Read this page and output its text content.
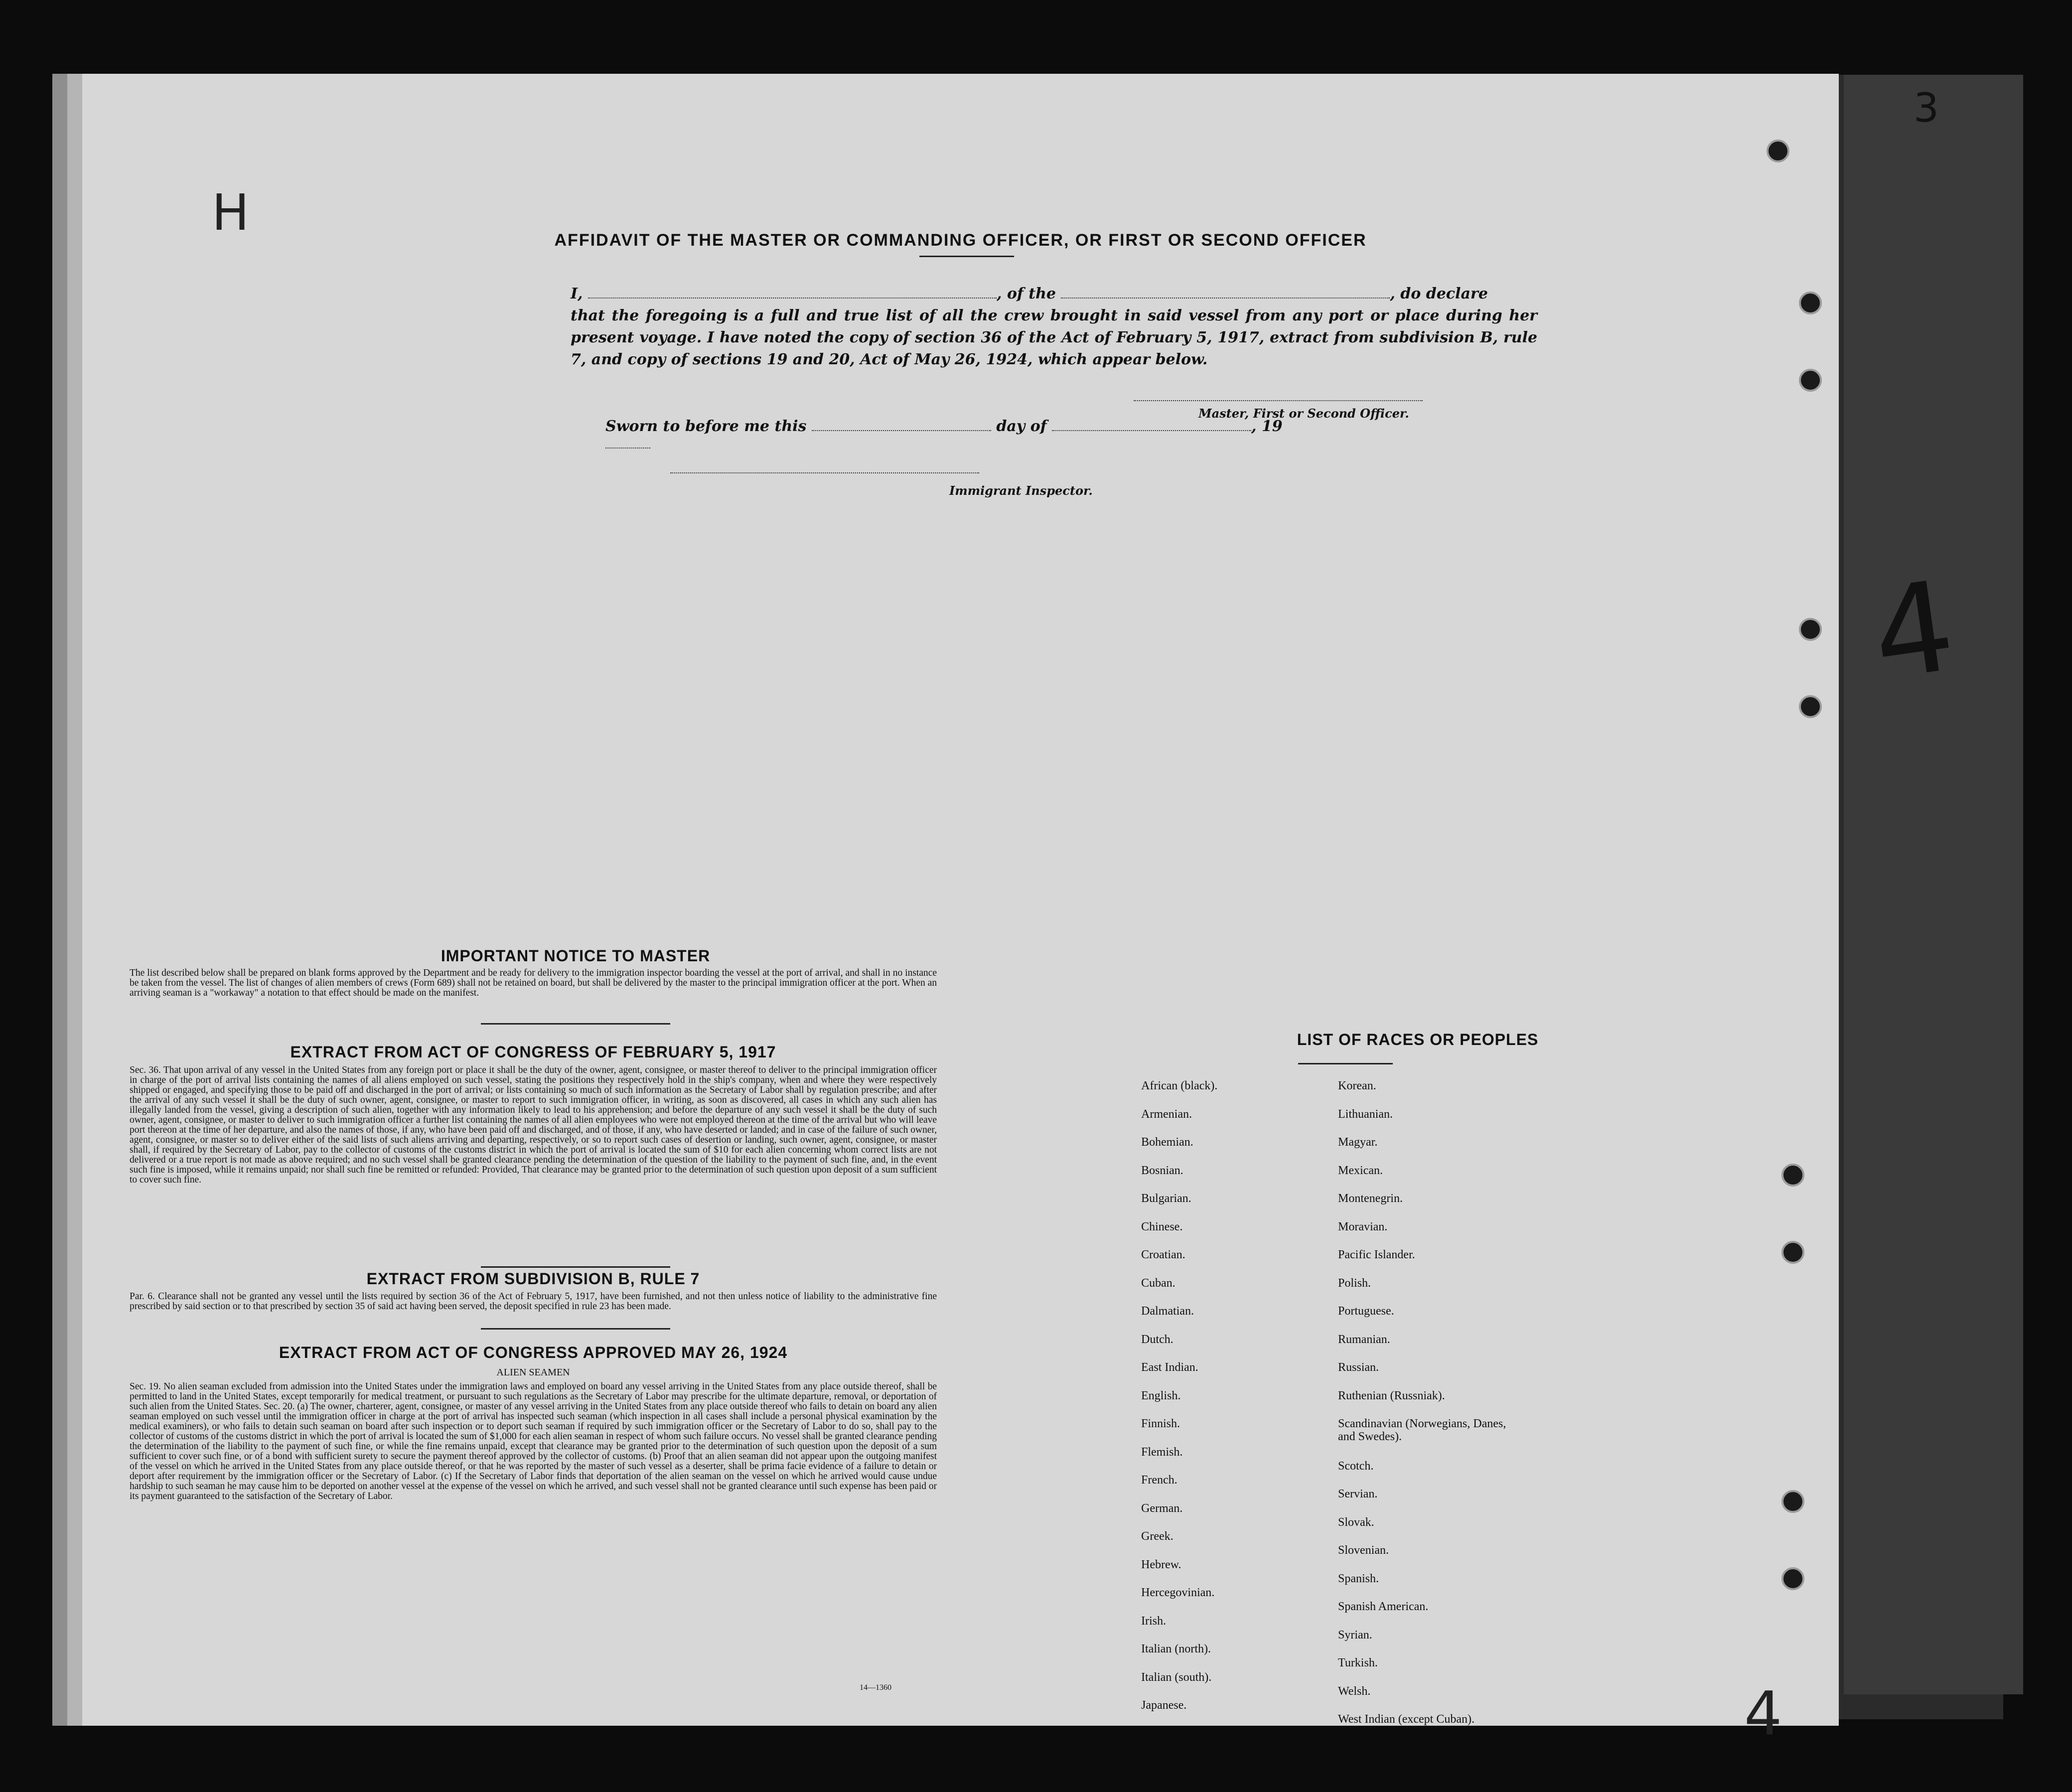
AFFIDAVIT OF THE MASTER OR COMMANDING OFFICER, OR FIRST OR SECOND OFFICER
I,	, of the	, do declare
that the foregoing is a full and true list of all the crew brought in said vessel from any port or place during her present voyage. I have noted the copy of section 36 of the Act of February 5, 1917, extract from subdivision B, rule 7, and copy of sections 19 and 20, Act of May 26, 1924, which appear below.
Master, First or Second Officer.
Sworn to before me this	day of	, 19
Immigrant Inspector.
IMPORTANT NOTICE TO MASTER
The list described below shall be prepared on blank forms approved by the Department and be ready for delivery to the immigration inspector boarding the vessel at the port of arrival, and shall in no instance be taken from the vessel. The list of changes of alien members of crews (Form 689) shall not be retained on board, but shall be delivered by the master to the principal immigration officer at the port. When an arriving seaman is a "workaway" a notation to that effect should be made on the manifest.
EXTRACT FROM ACT OF CONGRESS OF FEBRUARY 5, 1917
Sec. 36. That upon arrival of any vessel in the United States from any foreign port or place it shall be the duty of the owner, agent, consignee, or master thereof to deliver to the principal immigration officer in charge of the port of arrival lists containing the names of all aliens employed on such vessel, stating the positions they respectively hold in the ship's company, when and where they were respectively shipped or engaged, and specifying those to be paid off and discharged in the port of arrival; or lists containing so much of such information as the Secretary of Labor shall by regulation prescribe; and after the arrival of any such vessel it shall be the duty of such owner, agent, consignee, or master to report to such immigration officer, in writing, as soon as discovered, all cases in which any such alien has illegally landed from the vessel, giving a description of such alien, together with any information likely to lead to his apprehension; and before the departure of any such vessel it shall be the duty of such owner, agent, consignee, or master to deliver to such immigration officer a further list containing the names of all alien employees who were not employed thereon at the time of the arrival but who will leave port thereon at the time of her departure, and also the names of those, if any, who have been paid off and discharged, and of those, if any, who have deserted or landed; and in case of the failure of such owner, agent, consignee, or master so to deliver either of the said lists of such aliens arriving and departing, respectively, or so to report such cases of desertion or landing, such owner, agent, consignee, or master shall, if required by the Secretary of Labor, pay to the collector of customs of the customs district in which the port of arrival is located the sum of $10 for each alien concerning whom correct lists are not delivered or a true report is not made as above required; and no such vessel shall be granted clearance pending the determination of the question of the liability to the payment of such fine, and, in the event such fine is imposed, while it remains unpaid; nor shall such fine be remitted or refunded: Provided, That clearance may be granted prior to the determination of such question upon deposit of a sum sufficient to cover such fine.
EXTRACT FROM SUBDIVISION B, RULE 7
Par. 6. Clearance shall not be granted any vessel until the lists required by section 36 of the Act of February 5, 1917, have been furnished, and not then unless notice of liability to the administrative fine prescribed by said section or to that prescribed by section 35 of said act having been served, the deposit specified in rule 23 has been made.
EXTRACT FROM ACT OF CONGRESS APPROVED MAY 26, 1924
ALIEN SEAMEN
Sec. 19. No alien seaman excluded from admission into the United States under the immigration laws and employed on board any vessel arriving in the United States from any place outside thereof, shall be permitted to land in the United States, except temporarily for medical treatment, or pursuant to such regulations as the Secretary of Labor may prescribe for the ultimate departure, removal, or deportation of such alien from the United States. Sec. 20. (a) The owner, charterer, agent, consignee, or master of any vessel arriving in the United States from any place outside thereof who fails to detain on board any alien seaman employed on such vessel until the immigration officer in charge at the port of arrival has inspected such seaman (which inspection in all cases shall include a personal physical examination by the medical examiners), or who fails to detain such seaman on board after such inspection or to deport such seaman if required by such immigration officer or the Secretary of Labor to do so, shall pay to the collector of customs of the customs district in which the port of arrival is located the sum of $1,000 for each alien seaman in respect of whom such failure occurs. No vessel shall be granted clearance pending the determination of the liability to the payment of such fine, or while the fine remains unpaid, except that clearance may be granted prior to the determination of such question upon the deposit of a sum sufficient to cover such fine, or of a bond with sufficient surety to secure the payment thereof approved by the collector of customs. (b) Proof that an alien seaman did not appear upon the outgoing manifest of the vessel on which he arrived in the United States from any place outside thereof, or that he was reported by the master of such vessel as a deserter, shall be prima facie evidence of a failure to detain or deport after requirement by the immigration officer or the Secretary of Labor. (c) If the Secretary of Labor finds that deportation of the alien seaman on the vessel on which he arrived would cause undue hardship to such seaman he may cause him to be deported on another vessel at the expense of the vessel on which he arrived, and such vessel shall not be granted clearance until such expense has been paid or its payment guaranteed to the satisfaction of the Secretary of Labor.
14—1360
LIST OF RACES OR PEOPLES
African (black).
Armenian.
Bohemian.
Bosnian.
Bulgarian.
Chinese.
Croatian.
Cuban.
Dalmatian.
Dutch.
East Indian.
English.
Finnish.
Flemish.
French.
German.
Greek.
Hebrew.
Hercegovinian.
Irish.
Italian (north).
Italian (south).
Japanese.
Korean.
Lithuanian.
Magyar.
Mexican.
Montenegrin.
Moravian.
Pacific Islander.
Polish.
Portuguese.
Rumanian.
Russian.
Ruthenian (Russniak).
Scandinavian (Norwegians, Danes, and Swedes).
Scotch.
Servian.
Slovak.
Slovenian.
Spanish.
Spanish American.
Syrian.
Turkish.
Welsh.
West Indian (except Cuban).
H
4
3
4
